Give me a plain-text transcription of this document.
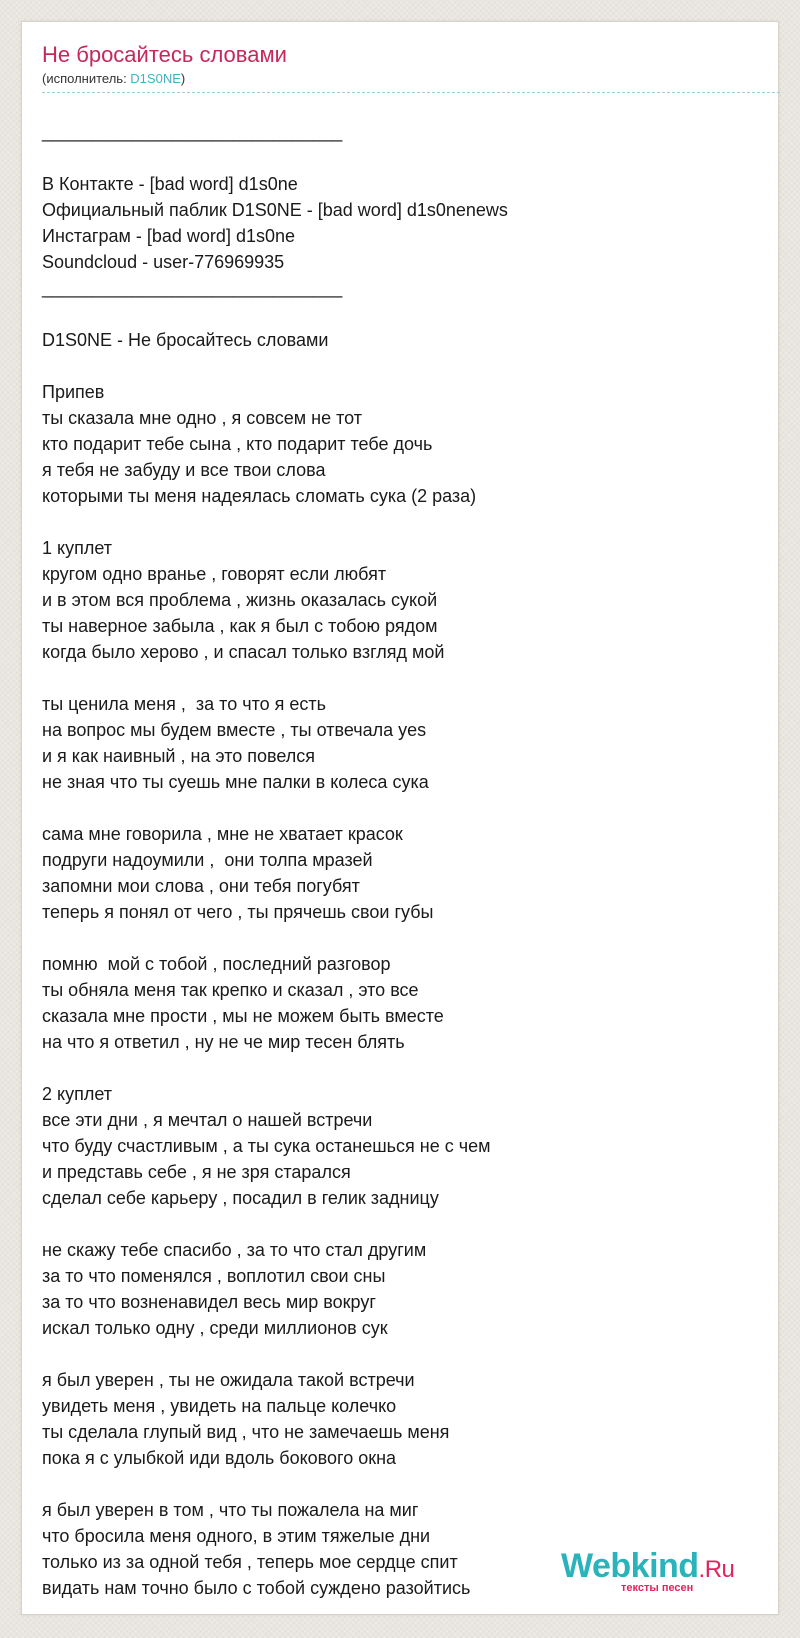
Не бросайтесь словами
(исполнитель: D1S0NE)
______________________________

В Контакте - [bad word] d1s0ne
Официальный паблик D1S0NE - [bad word] d1s0nenews
Инстаграм - [bad word] d1s0ne
Soundcloud - user-776969935
______________________________

D1S0NE - Не бросайтесь словами

Припев
ты сказала мне одно , я совсем не тот
кто подарит тебе сына , кто подарит тебе дочь
я тебя не забуду и все твои слова
которыми ты меня надеялась сломать сука (2 раза)

1 куплет
кругом одно вранье , говорят если любят
и в этом вся проблема , жизнь оказалась сукой
ты наверное забыла , как я был с тобою рядом
когда было херово , и спасал только взгляд мой

ты ценила меня ,  за то что я есть
на вопрос мы будем вместе , ты отвечала yes
и я как наивный , на это повелся
не зная что ты суешь мне палки в колеса сука

сама мне говорила , мне не хватает красок
подруги надоумили ,  они толпа мразей
запомни мои слова , они тебя погубят
теперь я понял от чего , ты прячешь свои губы

помню  мой с тобой , последний разговор
ты обняла меня так крепко и сказал , это все
сказала мне прости , мы не можем быть вместе
на что я ответил , ну не че мир тесен блять

2 куплет
все эти дни , я мечтал о нашей встречи
что буду счастливым , а ты сука останешься не с чем
и представь себе , я не зря старался
сделал себе карьеру , посадил в гелик задницу

не скажу тебе спасибо , за то что стал другим
за то что поменялся , воплотил свои сны
за то что возненавидел весь мир вокруг
искал только одну , среди миллионов сук

я был уверен , ты не ожидала такой встречи
увидеть меня , увидеть на пальце колечко
ты сделала глупый вид , что не замечаешь меня
пока я с улыбкой иди вдоль бокового окна

я был уверен в том , что ты пожалела на миг
что бросила меня одного, в этим тяжелые дни
только из за одной тебя , теперь мое сердце спит
видать нам точно было с тобой суждено разойтись
Webkind.Ru
тексты песен
